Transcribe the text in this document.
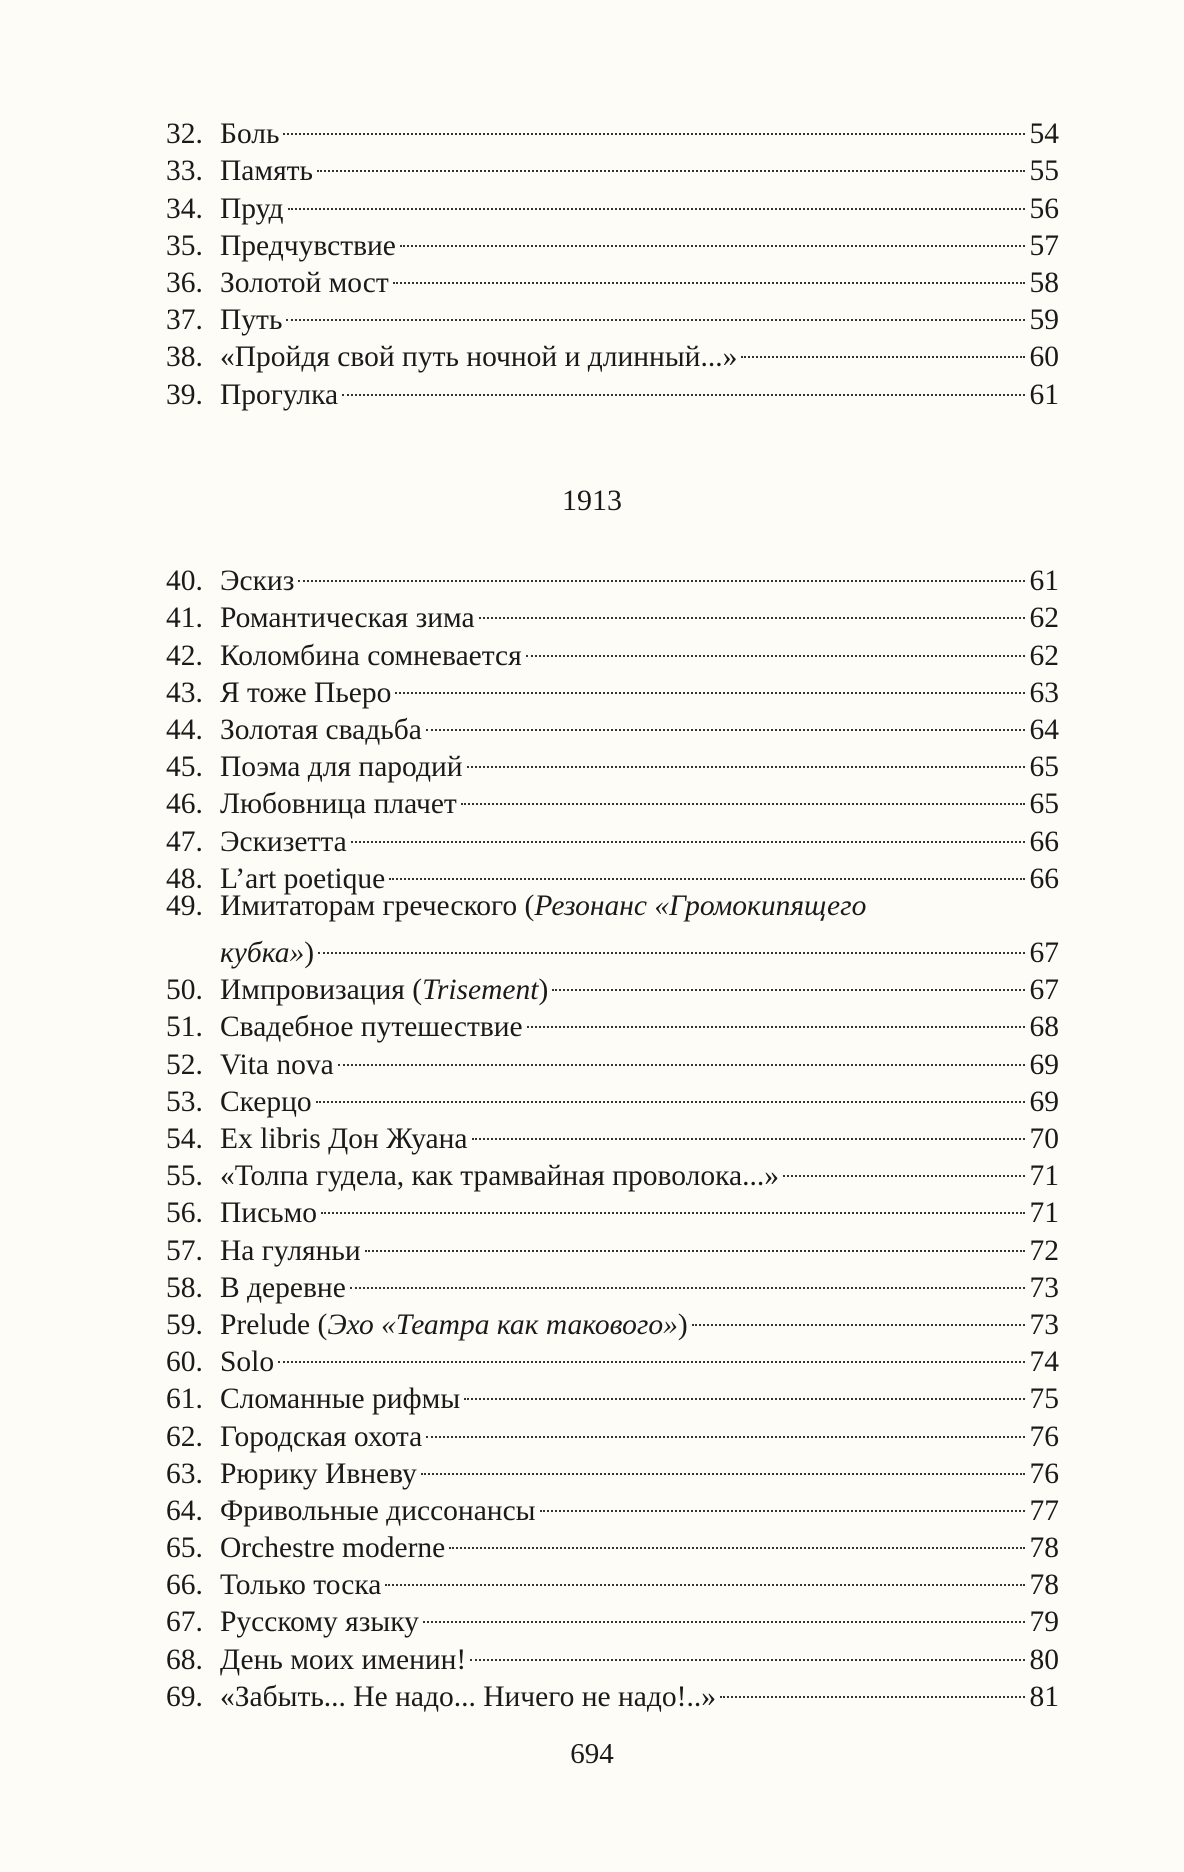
32. Боль	54
33. Память	55
34. Пруд	56
35. Предчувствие	57
36. Золотой мост	58
37. Путь	59
38. «Пройдя свой путь ночной и длинный...»	60
39. Прогулка	61
1913
40. Эскиз	61
41. Романтическая зима	62
42. Коломбина сомневается	62
43. Я тоже Пьеро	63
44. Золотая свадьба	64
45. Поэма для пародий	65
46. Любовница плачет	65
47. Эскизетта	66
48. L’art poetique	66
49. Имитаторам греческого (Резонанс «Громокипящего
кубка»)	67
50. Импровизация (Trisement)	67
51. Свадебное путешествие	68
52. Vita nova	69
53. Скерцо	69
54. Ex libris Дон Жуана	70
55. «Толпа гудела, как трамвайная проволока...»	71
56. Письмо	71
57. На гуляньи	72
58. В деревне	73
59. Prelude (Эхо «Театра как такового»)	73
60. Solo	74
61. Сломанные рифмы	75
62. Городская охота	76
63. Рюрику Ивневу	76
64. Фривольные диссонансы	77
65. Orchestre moderne	78
66. Только тоска	78
67. Русскому языку	79
68. День моих именин!	80
69. «Забыть... Не надо... Ничего не надо!..»	81
694
